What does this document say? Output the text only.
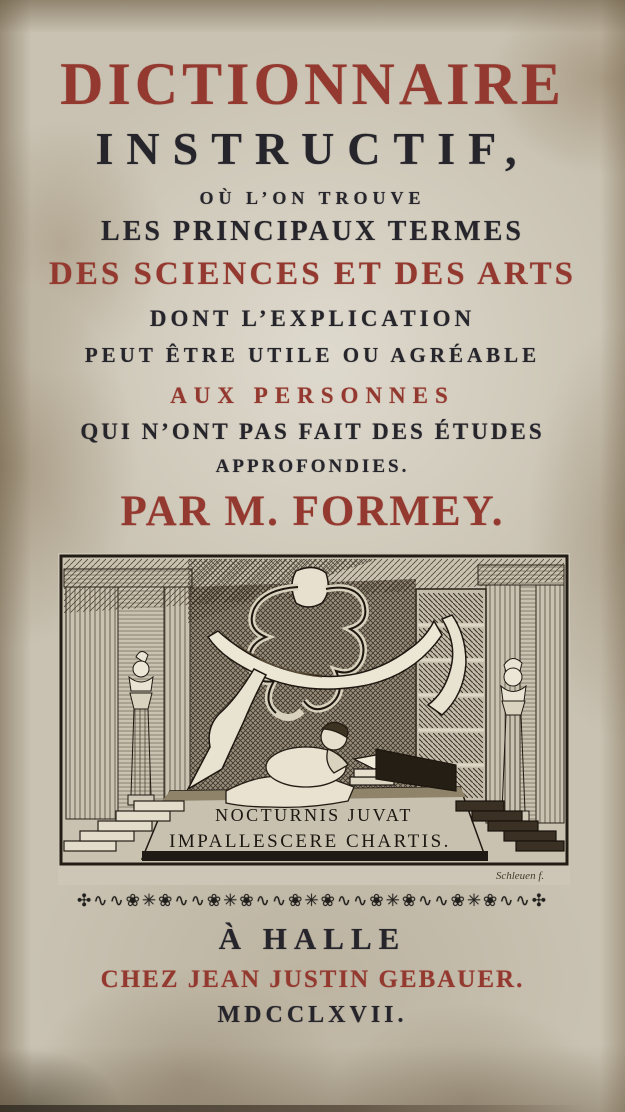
DICTIONNAIRE
INSTRUCTIF,
OÙ L’ON TROUVE
LES PRINCIPAUX TERMES
DES SCIENCES ET DES ARTS
DONT L’EXPLICATION
PEUT ÊTRE UTILE OU AGRÉABLE
AUX PERSONNES
QUI N’ONT PAS FAIT DES ÉTUDES
APPROFONDIES.
PAR M. FORMEY.
NOCTURNIS JUVAT
IMPALLESCERE CHARTIS.
Schleuen f.
✣∿∿❀✳❀∿∿❀✳❀∿∿❀✳❀∿∿❀✳❀∿∿❀✳❀∿∿✣
À HALLE
CHEZ JEAN JUSTIN GEBAUER.
MDCCLXVII.
